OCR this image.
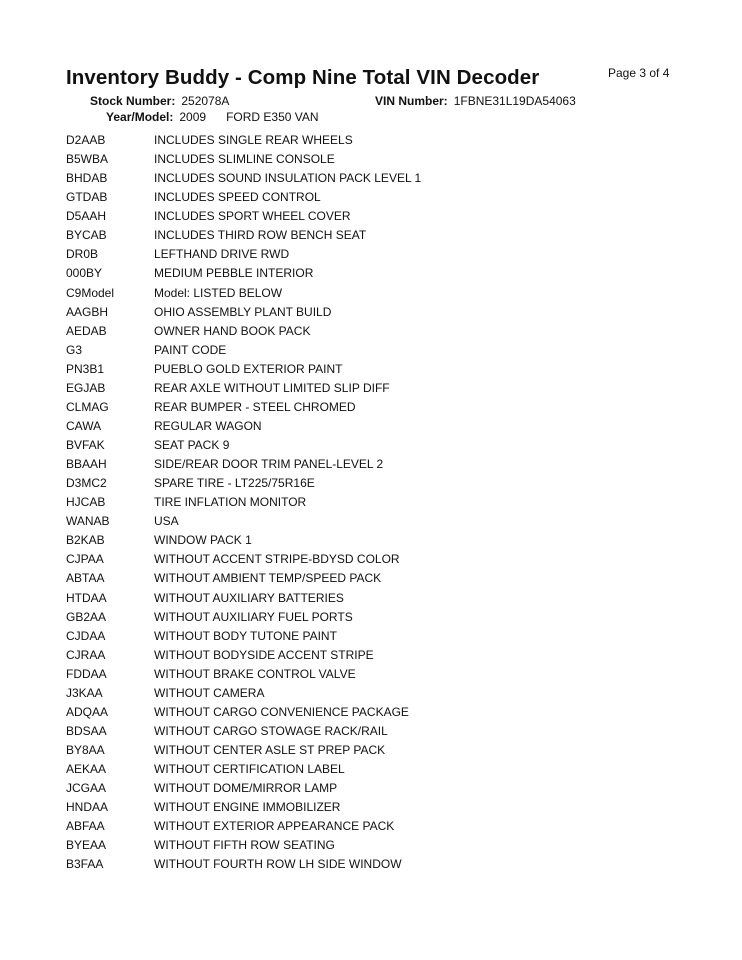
Inventory Buddy - Comp Nine Total VIN Decoder	Page 3 of 4
Stock Number: 252078A	VIN Number: 1FBNE31L19DA54063
Year/Model: 2009 FORD E350 VAN
D2AAB	INCLUDES SINGLE REAR WHEELS
B5WBA	INCLUDES SLIMLINE CONSOLE
BHDAB	INCLUDES SOUND INSULATION PACK LEVEL 1
GTDAB	INCLUDES SPEED CONTROL
D5AAH	INCLUDES SPORT WHEEL COVER
BYCAB	INCLUDES THIRD ROW BENCH SEAT
DR0B	LEFTHAND DRIVE RWD
000BY	MEDIUM PEBBLE INTERIOR
C9Model	Model: LISTED BELOW
AAGBH	OHIO ASSEMBLY PLANT BUILD
AEDAB	OWNER HAND BOOK PACK
G3	PAINT CODE
PN3B1	PUEBLO GOLD EXTERIOR PAINT
EGJAB	REAR AXLE WITHOUT LIMITED SLIP DIFF
CLMAG	REAR BUMPER - STEEL CHROMED
CAWA	REGULAR WAGON
BVFAK	SEAT PACK 9
BBAAH	SIDE/REAR DOOR TRIM PANEL-LEVEL 2
D3MC2	SPARE TIRE - LT225/75R16E
HJCAB	TIRE INFLATION MONITOR
WANAB	USA
B2KAB	WINDOW PACK 1
CJPAA	WITHOUT ACCENT STRIPE-BDYSD COLOR
ABTAA	WITHOUT AMBIENT TEMP/SPEED PACK
HTDAA	WITHOUT AUXILIARY BATTERIES
GB2AA	WITHOUT AUXILIARY FUEL PORTS
CJDAA	WITHOUT BODY TUTONE PAINT
CJRAA	WITHOUT BODYSIDE ACCENT STRIPE
FDDAA	WITHOUT BRAKE CONTROL VALVE
J3KAA	WITHOUT CAMERA
ADQAA	WITHOUT CARGO CONVENIENCE PACKAGE
BDSAA	WITHOUT CARGO STOWAGE RACK/RAIL
BY8AA	WITHOUT CENTER ASLE ST PREP PACK
AEKAA	WITHOUT CERTIFICATION LABEL
JCGAA	WITHOUT DOME/MIRROR LAMP
HNDAA	WITHOUT ENGINE IMMOBILIZER
ABFAA	WITHOUT EXTERIOR APPEARANCE PACK
BYEAA	WITHOUT FIFTH ROW SEATING
B3FAA	WITHOUT FOURTH ROW LH SIDE WINDOW
